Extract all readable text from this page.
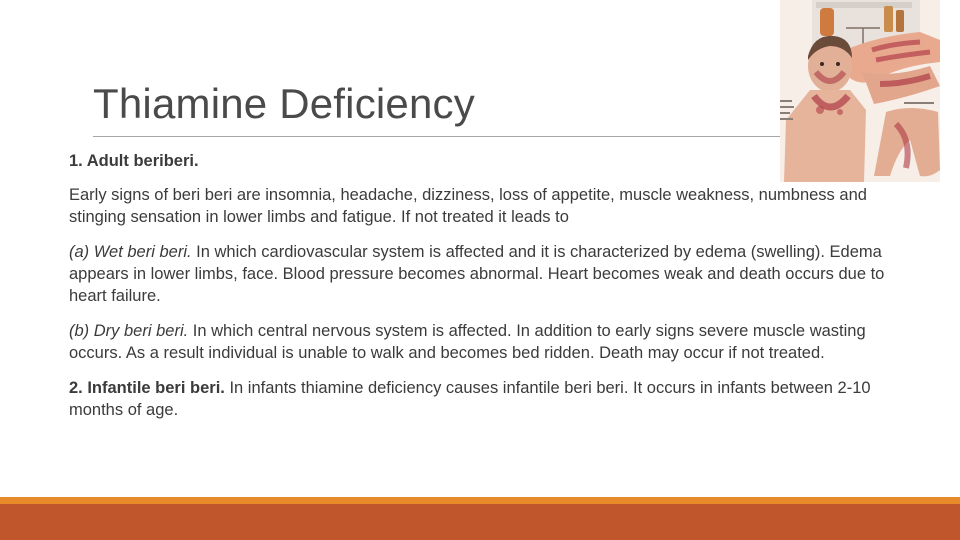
Thiamine Deficiency

1. Adult beriberi.

Early signs of beri beri are insomnia, headache, dizziness, loss of appetite, muscle weakness, numbness and stinging sensation in lower limbs and fatigue. If not treated it leads to

(a) Wet beri beri. In which cardiovascular system is affected and it is characterized by edema (swelling). Edema appears in lower limbs, face. Blood pressure becomes abnormal. Heart becomes weak and death occurs due to heart failure.

(b) Dry beri beri. In which central nervous system is affected. In addition to early signs severe muscle wasting occurs. As a result individual is unable to walk and becomes bed ridden. Death may occur if not treated.

2. Infantile beri beri. In infants thiamine deficiency causes infantile beri beri. It occurs in infants between 2-10 months of age.
